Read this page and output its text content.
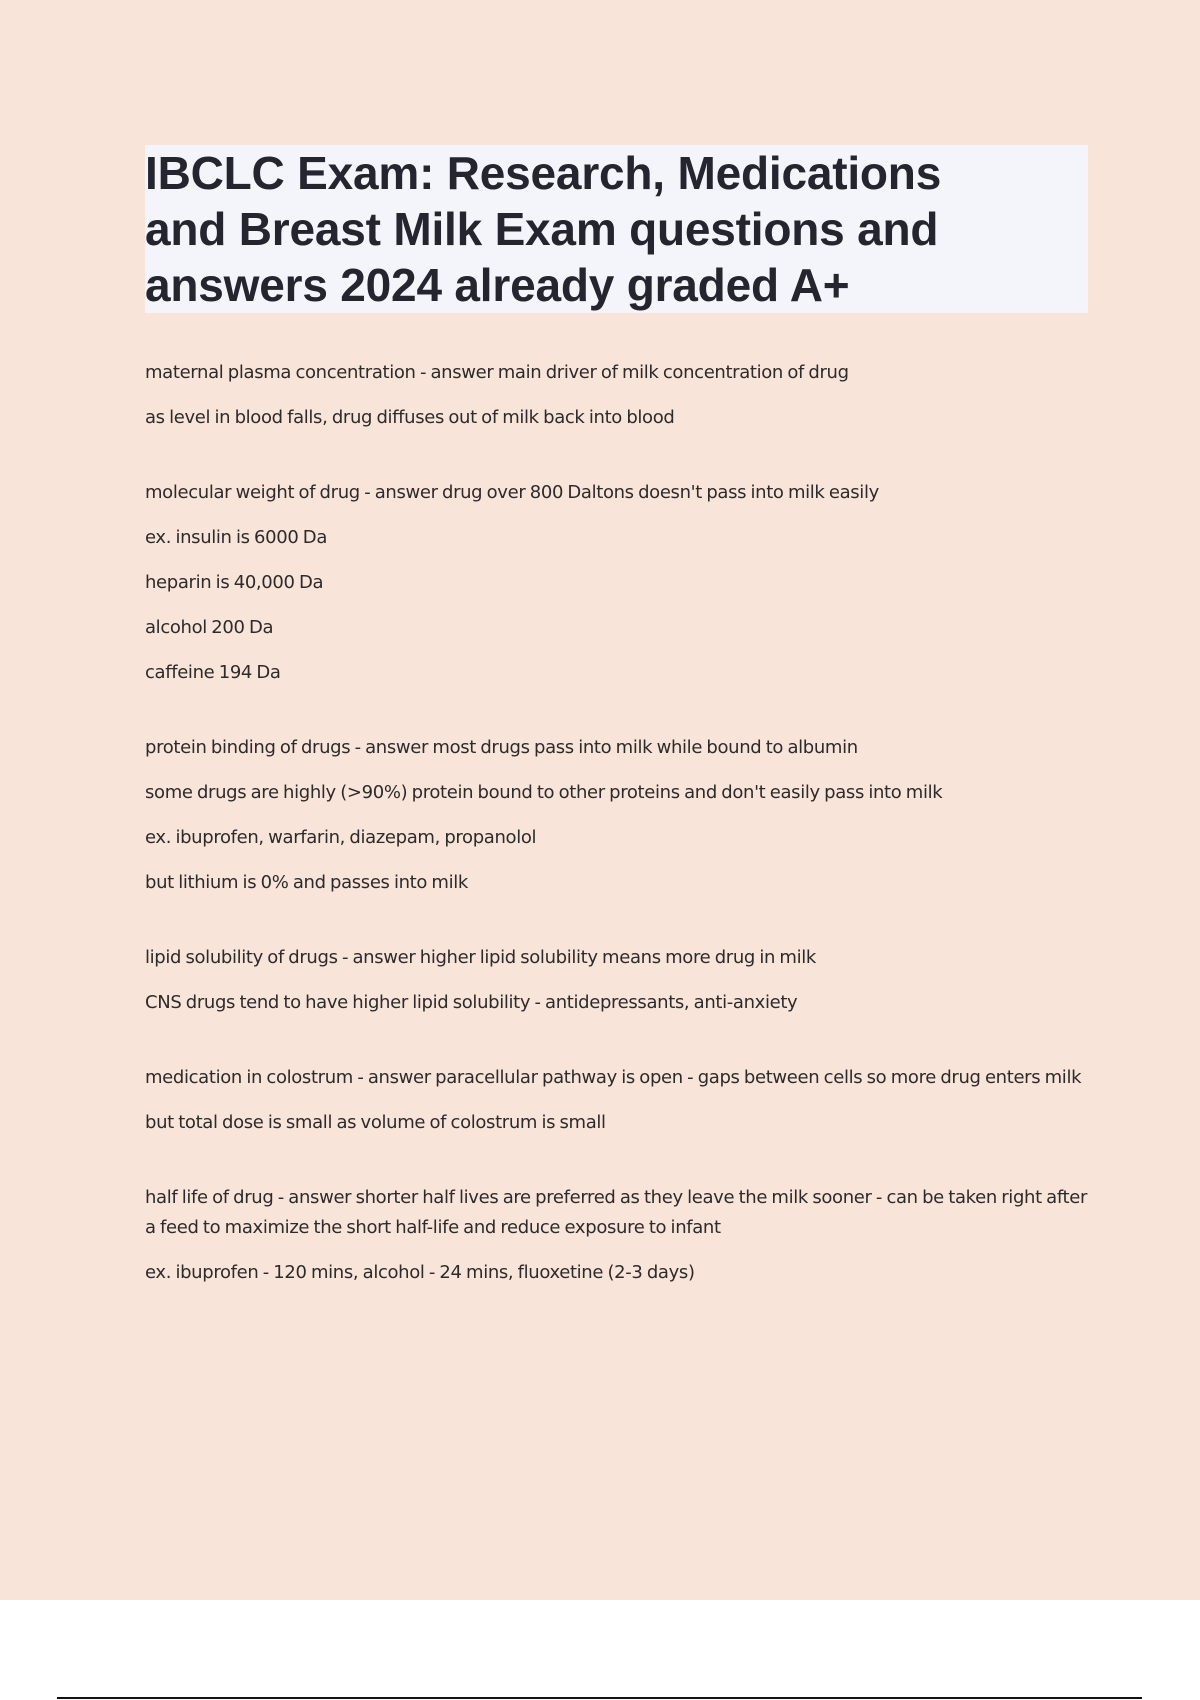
IBCLC Exam: Research, Medications
and Breast Milk Exam questions and
answers 2024 already graded A+

maternal plasma concentration - answer main driver of milk concentration of drug

as level in blood falls, drug diffuses out of milk back into blood

molecular weight of drug - answer drug over 800 Daltons doesn't pass into milk easily

ex. insulin is 6000 Da

heparin is 40,000 Da

alcohol 200 Da

caffeine 194 Da

protein binding of drugs - answer most drugs pass into milk while bound to albumin

some drugs are highly (>90%) protein bound to other proteins and don't easily pass into milk

ex. ibuprofen, warfarin, diazepam, propanolol

but lithium is 0% and passes into milk

lipid solubility of drugs - answer higher lipid solubility means more drug in milk

CNS drugs tend to have higher lipid solubility - antidepressants, anti-anxiety

medication in colostrum - answer paracellular pathway is open - gaps between cells so more drug enters milk

but total dose is small as volume of colostrum is small

half life of drug - answer shorter half lives are preferred as they leave the milk sooner - can be taken right after a feed to maximize the short half-life and reduce exposure to infant

ex. ibuprofen - 120 mins, alcohol - 24 mins, fluoxetine (2-3 days)
